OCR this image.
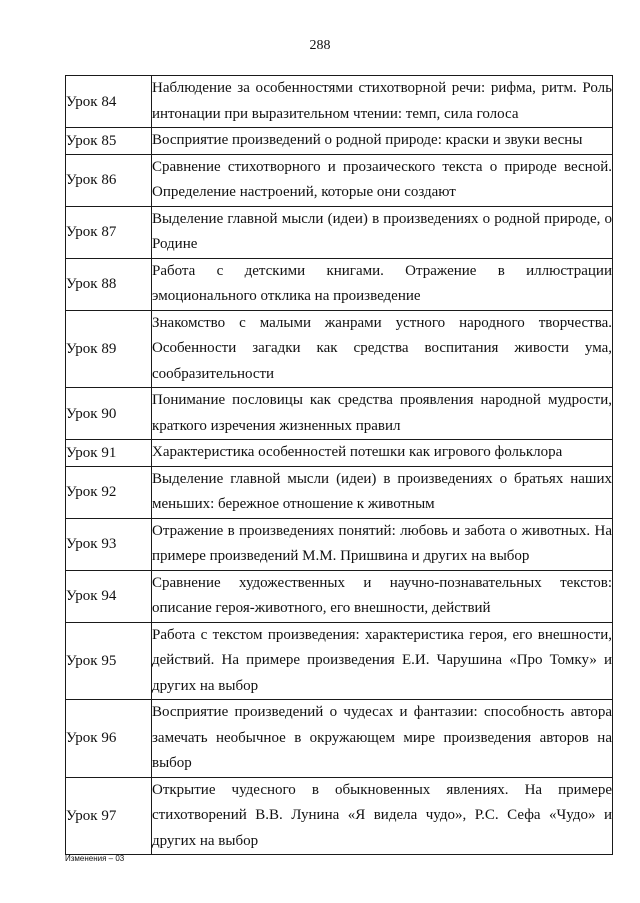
288
Урок 84	Наблюдение за особенностями стихотворной речи: рифма, ритм. Роль интонации при выразительном чтении: темп, сила голоса
Урок 85	Восприятие произведений о родной природе: краски и звуки весны
Урок 86	Сравнение стихотворного и прозаического текста о природе весной. Определение настроений, которые они создают
Урок 87	Выделение главной мысли (идеи) в произведениях о родной природе, о Родине
Урок 88	Работа с детскими книгами. Отражение в иллюстрации эмоционального отклика на произведение
Урок 89	Знакомство с малыми жанрами устного народного творчества. Особенности загадки как средства воспитания живости ума, сообразительности
Урок 90	Понимание пословицы как средства проявления народной мудрости, краткого изречения жизненных правил
Урок 91	Характеристика особенностей потешки как игрового фольклора
Урок 92	Выделение главной мысли (идеи) в произведениях о братьях наших меньших: бережное отношение к животным
Урок 93	Отражение в произведениях понятий: любовь и забота о животных. На примере произведений М.М. Пришвина и других на выбор
Урок 94	Сравнение художественных и научно-познавательных текстов: описание героя-животного, его внешности, действий
Урок 95	Работа с текстом произведения: характеристика героя, его внешности, действий. На примере произведения Е.И. Чарушина «Про Томку» и других на выбор
Урок 96	Восприятие произведений о чудесах и фантазии: способность автора замечать необычное в окружающем мире произведения авторов на выбор
Урок 97	Открытие чудесного в обыкновенных явлениях. На примере стихотворений В.В. Лунина «Я видела чудо», Р.С. Сефа «Чудо» и других на выбор
Изменения – 03
